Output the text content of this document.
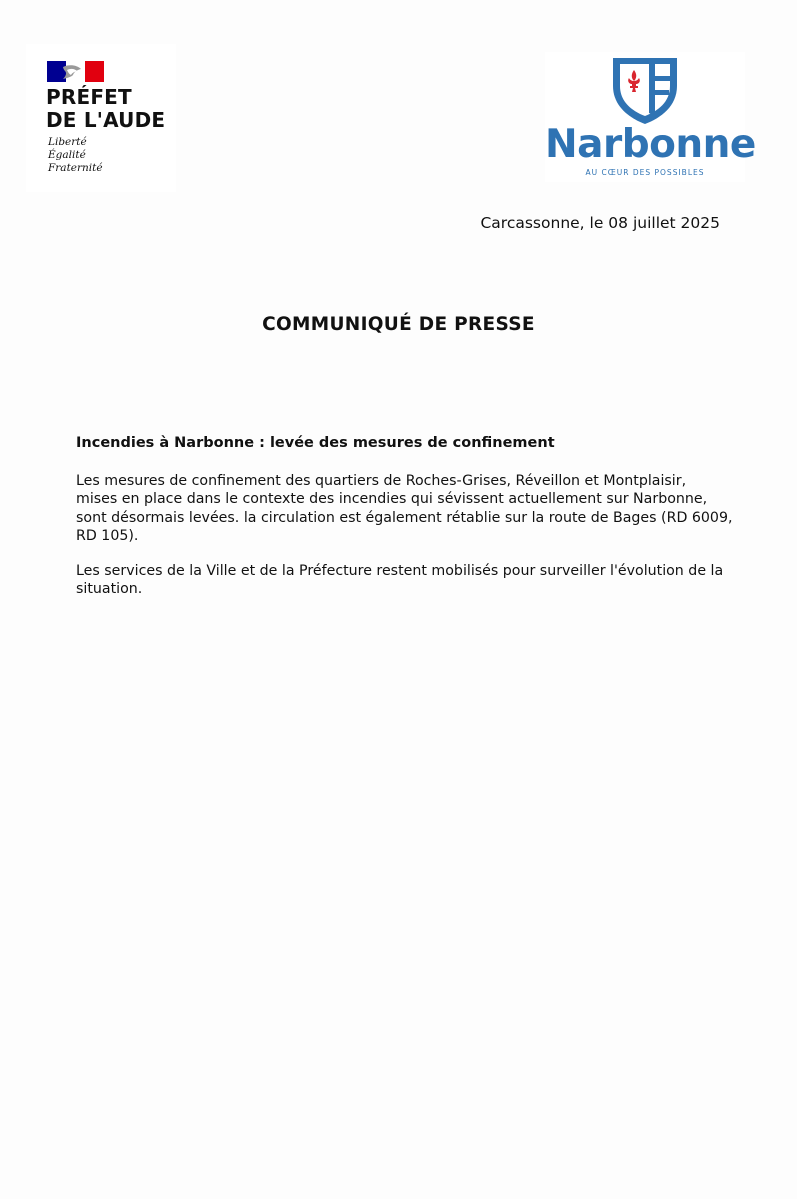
PRÉFET
DE L'AUDE
Liberté
Égalité
Fraternité
Narbonne
AU CŒUR DES POSSIBLES
Carcassonne, le 08 juillet 2025
COMMUNIQUÉ DE PRESSE
Incendies à Narbonne : levée des mesures de confinement
Les mesures de confinement des quartiers de Roches-Grises, Réveillon et Montplaisir,
mises en place dans le contexte des incendies qui sévissent actuellement sur Narbonne,
sont désormais levées. la circulation est également rétablie sur la route de Bages (RD 6009,
RD 105).
Les services de la Ville et de la Préfecture restent mobilisés pour surveiller l'évolution de la
situation.
